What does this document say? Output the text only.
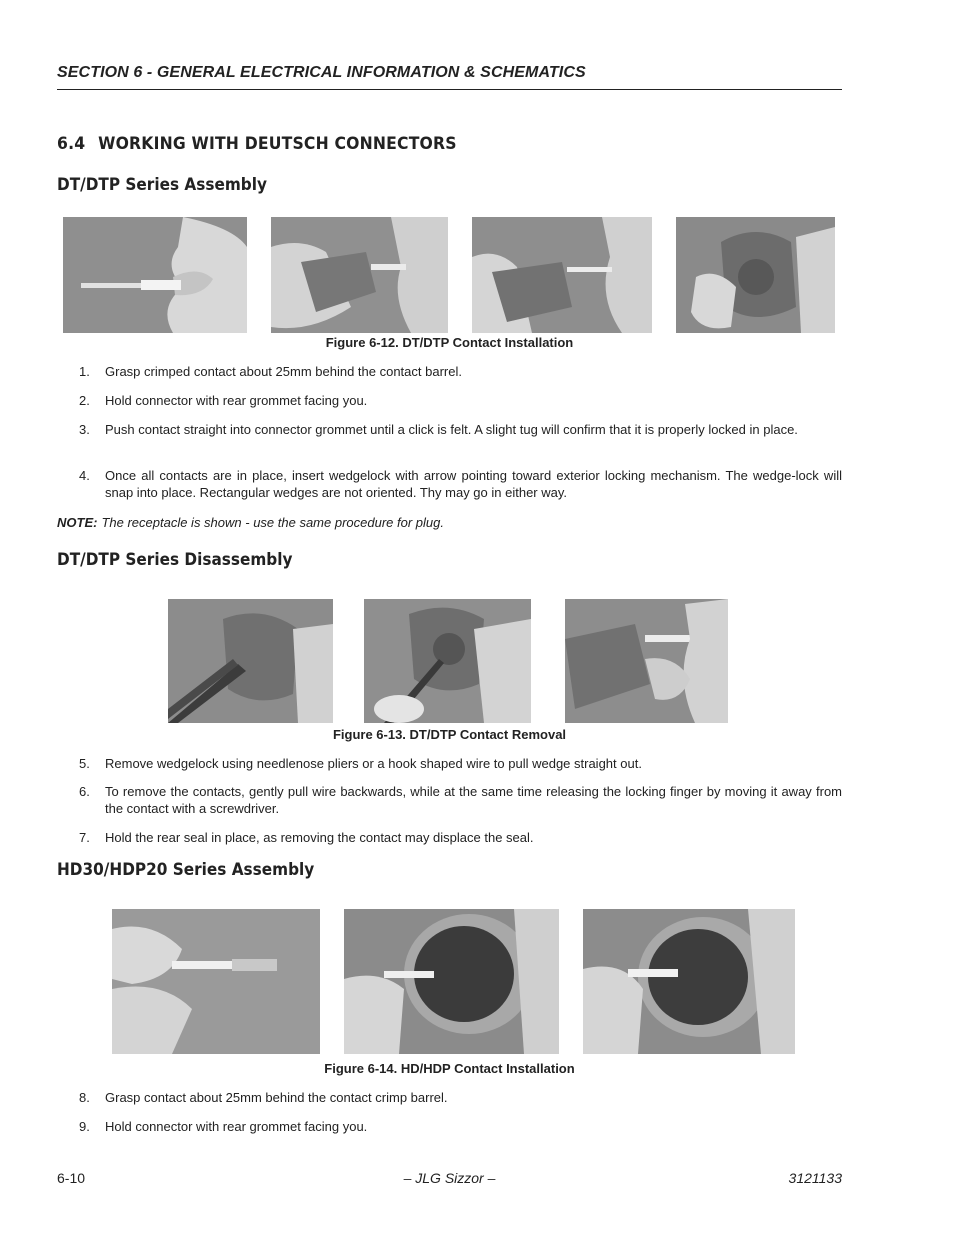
SECTION 6 - GENERAL ELECTRICAL INFORMATION & SCHEMATICS
6.4 WORKING WITH DEUTSCH CONNECTORS
DT/DTP Series Assembly
Figure 6-12. DT/DTP Contact Installation
1.	Grasp crimped contact about 25mm behind the contact barrel.
2.	Hold connector with rear grommet facing you.
3.	Push contact straight into connector grommet until a click is felt. A slight tug will confirm that it is properly locked in place.
4.	Once all contacts are in place, insert wedgelock with arrow pointing toward exterior locking mechanism. The wedge-lock will snap into place. Rectangular wedges are not oriented. Thy may go in either way.
NOTE: The receptacle is shown - use the same procedure for plug.
DT/DTP Series Disassembly
Figure 6-13. DT/DTP Contact Removal
5.	Remove wedgelock using needlenose pliers or a hook shaped wire to pull wedge straight out.
6.	To remove the contacts, gently pull wire backwards, while at the same time releasing the locking finger by moving it away from the contact with a screwdriver.
7.	Hold the rear seal in place, as removing the contact may displace the seal.
HD30/HDP20 Series Assembly
Figure 6-14. HD/HDP Contact Installation
8.	Grasp contact about 25mm behind the contact crimp barrel.
9.	Hold connector with rear grommet facing you.
6-10	– JLG Sizzor –	3121133
